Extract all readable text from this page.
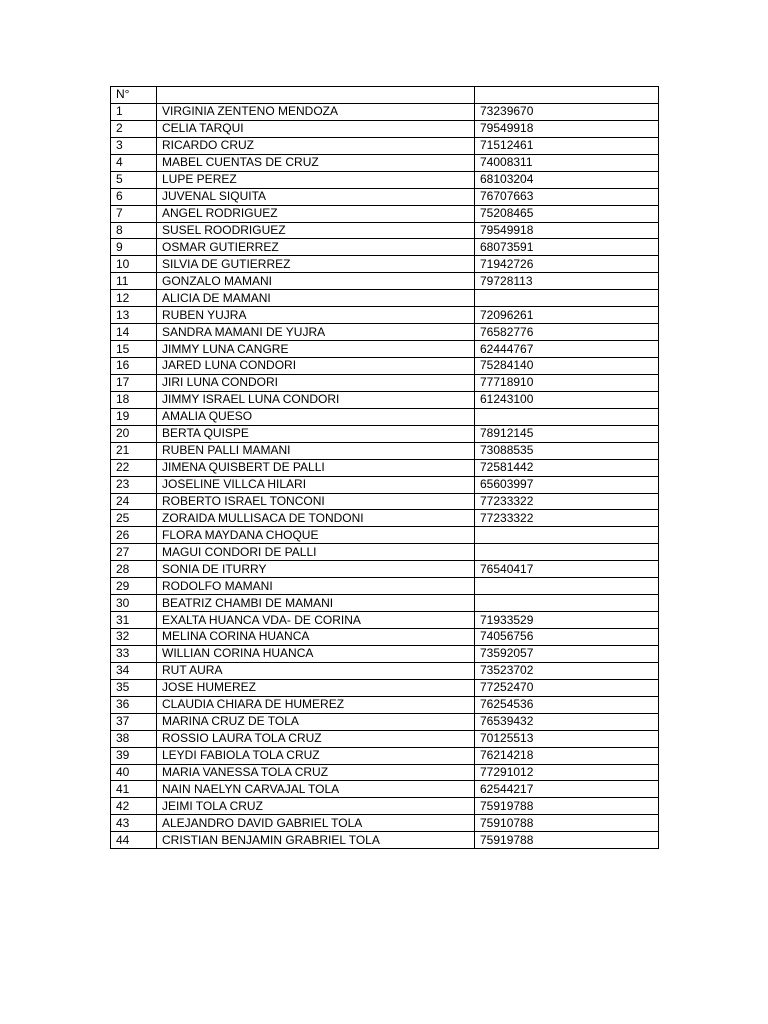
N°		
1	VIRGINIA ZENTENO MENDOZA	73239670
2	CELIA TARQUI	79549918
3	RICARDO CRUZ	71512461
4	MABEL CUENTAS DE CRUZ	74008311
5	LUPE PEREZ	68103204
6	JUVENAL SIQUITA	76707663
7	ANGEL RODRIGUEZ	75208465
8	SUSEL ROODRIGUEZ	79549918
9	OSMAR GUTIERREZ	68073591
10	SILVIA DE GUTIERREZ	71942726
11	GONZALO MAMANI	79728113
12	ALICIA DE MAMANI	
13	RUBEN YUJRA	72096261
14	SANDRA MAMANI DE YUJRA	76582776
15	JIMMY LUNA CANGRE	62444767
16	JARED LUNA CONDORI	75284140
17	JIRI LUNA CONDORI	77718910
18	JIMMY ISRAEL LUNA CONDORI	61243100
19	AMALIA QUESO	
20	BERTA QUISPE	78912145
21	RUBEN PALLI MAMANI	73088535
22	JIMENA QUISBERT DE PALLI	72581442
23	JOSELINE VILLCA HILARI	65603997
24	ROBERTO ISRAEL TONCONI	77233322
25	ZORAIDA MULLISACA DE TONDONI	77233322
26	FLORA MAYDANA CHOQUE	
27	MAGUI CONDORI DE PALLI	
28	SONIA DE ITURRY	76540417
29	RODOLFO MAMANI	
30	BEATRIZ CHAMBI DE MAMANI	
31	EXALTA HUANCA VDA- DE CORINA	71933529
32	MELINA CORINA HUANCA	74056756
33	WILLIAN CORINA HUANCA	73592057
34	RUT AURA	73523702
35	JOSE HUMEREZ	77252470
36	CLAUDIA CHIARA DE HUMEREZ	76254536
37	MARINA CRUZ DE TOLA	76539432
38	ROSSIO LAURA TOLA CRUZ	70125513
39	LEYDI FABIOLA TOLA CRUZ	76214218
40	MARIA VANESSA TOLA CRUZ	77291012
41	NAIN NAELYN CARVAJAL TOLA	62544217
42	JEIMI TOLA CRUZ	75919788
43	ALEJANDRO DAVID GABRIEL TOLA	75910788
44	CRISTIAN BENJAMIN GRABRIEL TOLA	75919788
